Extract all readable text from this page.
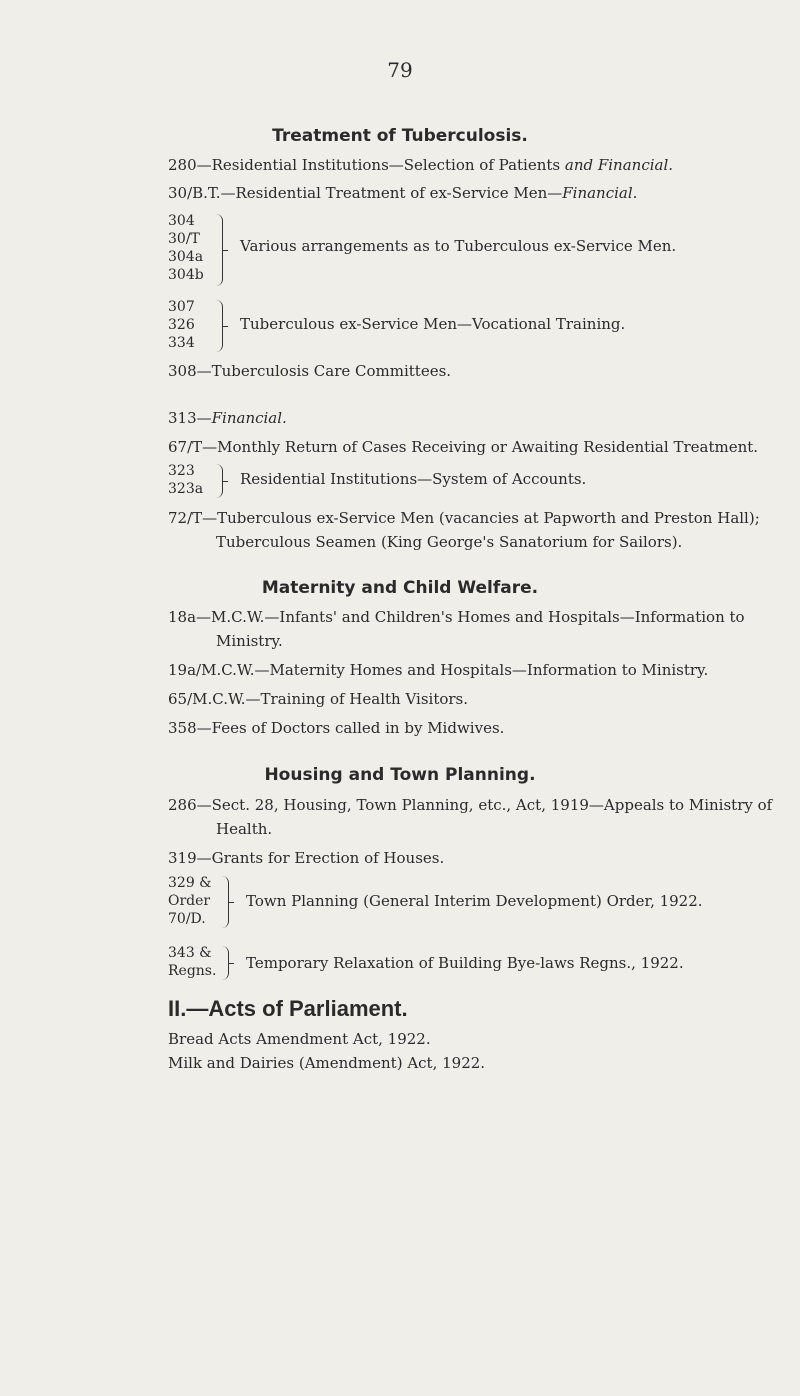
79
Treatment of Tuberculosis.
280—Residential Institutions—Selection of Patients and Financial.
30/B.T.—Residential Treatment of ex-Service Men—Financial.
304
30/T
304a
304b
Various arrangements as to Tuberculous ex-Service Men.
307
326
334
Tuberculous ex-Service Men—Vocational Training.
308—Tuberculosis Care Committees.
313—Financial.
67/T—Monthly Return of Cases Receiving or Awaiting Residential Treatment.
323
323a
Residential Institutions—System of Accounts.
72/T—Tuberculous ex-Service Men (vacancies at Papworth and Preston Hall);
Tuberculous Seamen (King George's Sanatorium for Sailors).
Maternity and Child Welfare.
18a—M.C.W.—Infants' and Children's Homes and Hospitals—Information to
Ministry.
19a/M.C.W.—Maternity Homes and Hospitals—Information to Ministry.
65/M.C.W.—Training of Health Visitors.
358—Fees of Doctors called in by Midwives.
Housing and Town Planning.
286—Sect. 28, Housing, Town Planning, etc., Act, 1919—Appeals to Ministry of
Health.
319—Grants for Erection of Houses.
329 &
Order
70/D.
Town Planning (General Interim Development) Order, 1922.
343 &
Regns. Temporary Relaxation of Building Bye-laws Regns., 1922.
II.—Acts of Parliament.
Bread Acts Amendment Act, 1922.
Milk and Dairies (Amendment) Act, 1922.
